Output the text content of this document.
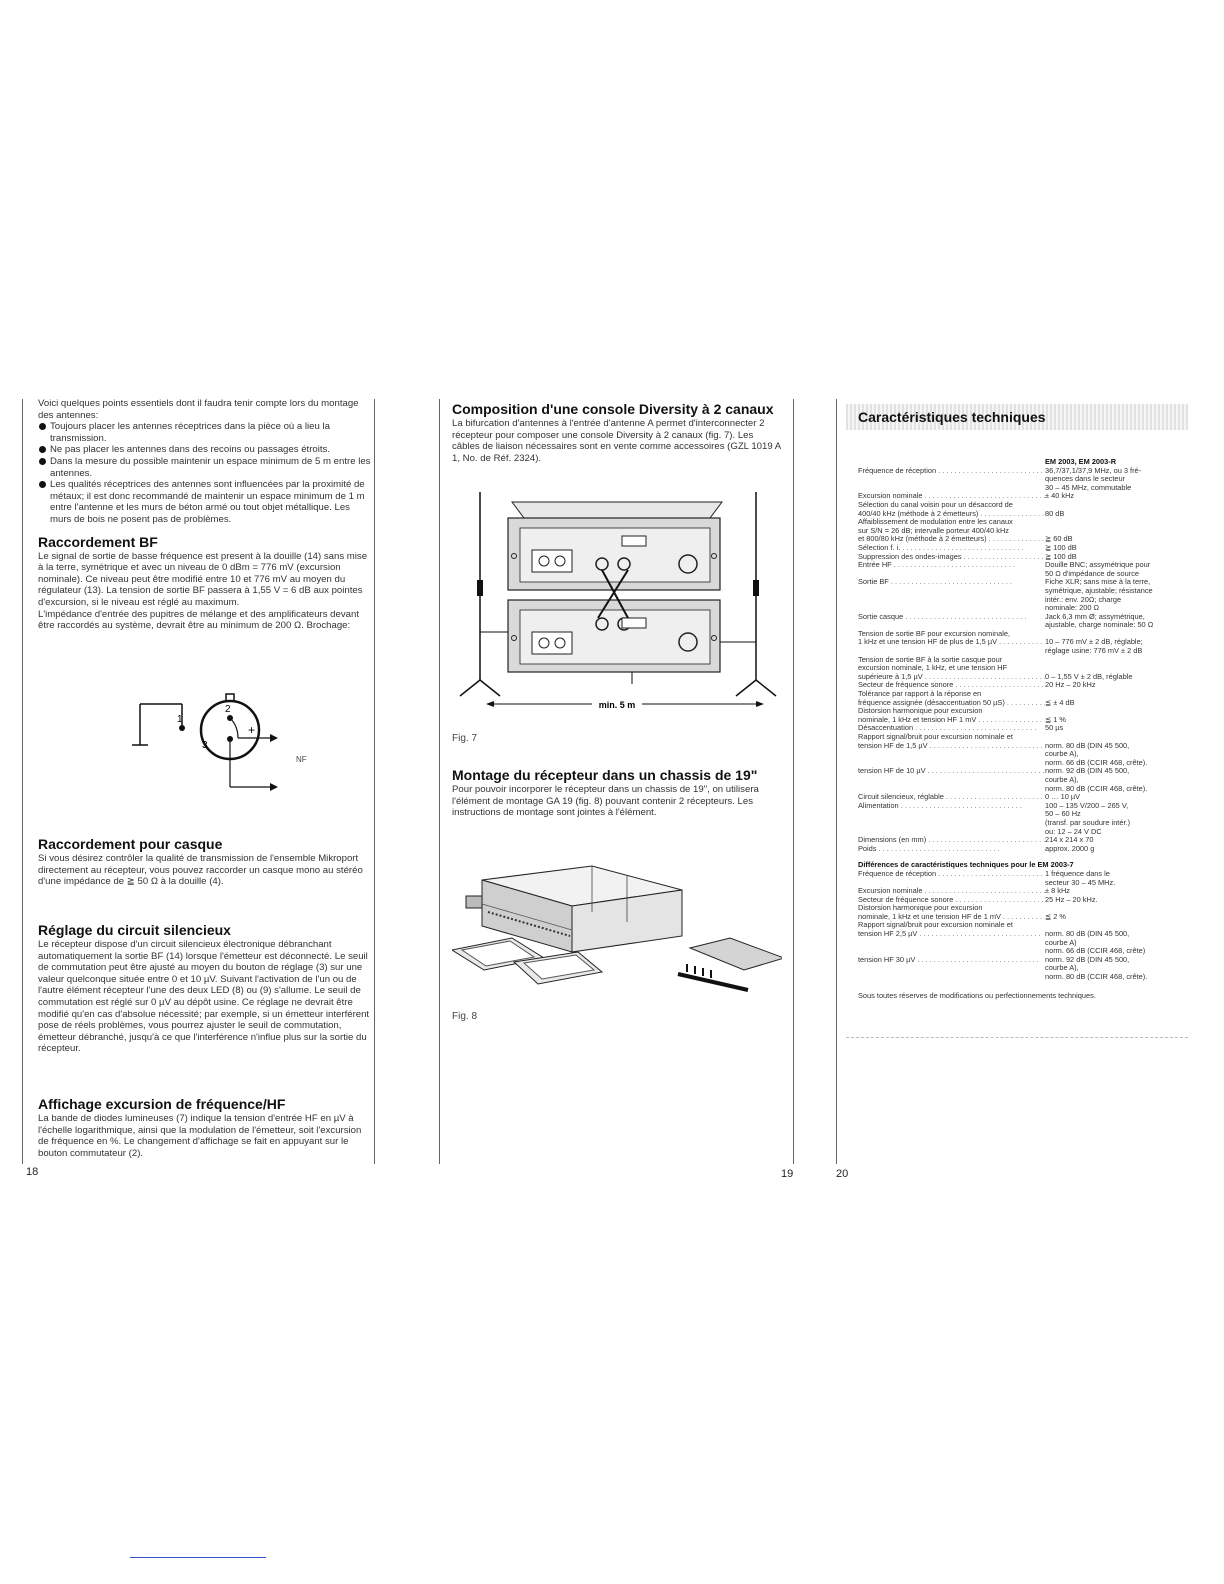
Voici quelques points essentiels dont il faudra tenir compte lors du montage des antennes:

Toujours placer les antennes réceptrices dans la pièce où a lieu la transmission.

Ne pas placer les antennes dans des recoins ou passages étroits.

Dans la mesure du possible maintenir un espace minimum de 5 m entre les antennes.

Les qualités réceptrices des antennes sont influencées par la proximité de métaux; il est donc recommandé de maintenir un espace minimum de 1 m entre l'antenne et les murs de béton armé ou tout objet métallique. Les murs de bois ne posent pas de problèmes.

Raccordement BF

Le signal de sortie de basse fréquence est present à la douille (14) sans mise à la terre, symétrique et avec un niveau de 0 dBm = 776 mV (excursion nominale). Ce niveau peut être modifié entre 10 et 776 mV au moyen du régulateur (13). La tension de sortie BF passera à 1,55 V = 6 dB aux pointes d'excursion, si le niveau est réglé au maximum.

L'impédance d'entrée des pupitres de mélange et des amplificateurs devant être raccordés au système, devrait être au minimum de 200 Ω. Brochage:

1
2
3
+
NF
Raccordement pour casque

Si vous désirez contrôler la qualité de transmission de l'ensemble Mikroport directement au récepteur, vous pouvez raccorder un casque mono au stéréo d'une impédance de ≧ 50 Ω à la douille (4).

Réglage du circuit silencieux

Le récepteur dispose d'un circuit silencieux électronique débranchant automatiquement la sortie BF (14) lorsque l'émetteur est déconnecté. Le seuil de commutation peut être ajusté au moyen du bouton de réglage (3) sur une valeur quelconque située entre 0 et 10 µV. Suivant l'activation de l'un ou de l'autre élément récepteur l'une des deux LED (8) ou (9) s'allume. Le seuil de commutation est réglé sur 0 µV au dépôt usine. Ce réglage ne devrait être modifié qu'en cas d'absolue nécessité; par exemple, si un émetteur interférent pose de réels problèmes, vous pourrez ajuster le seuil de commutation, émetteur débranché, jusqu'à ce que l'interférence n'influe plus sur la sortie du récepteur.

Affichage excursion de fréquence/HF

La bande de diodes lumineuses (7) indique la tension d'entrée HF en µV à l'échelle logarithmique, ainsi que la modulation de l'émetteur, soit l'excursion de fréquence en %. Le changement d'affichage se fait en appuyant sur le bouton commutateur (2).

18
Composition d'une console Diversity à 2 canaux

La bifurcation d'antennes à l'entrée d'antenne A permet d'interconnecter 2 récepteur pour composer une console Diversity à 2 canaux (fig. 7). Les câbles de liaison nécessaires sont en vente comme accessoires (GZL 1019 A 1, No. de Réf. 2324).

min. 5 m
Fig. 7
Montage du récepteur dans un chassis de 19"

Pour pouvoir incorporer le récepteur dans un chassis de 19", on utilisera l'élément de montage GA 19 (fig. 8) pouvant contenir 2 récepteurs. Les instructions de montage sont jointes à l'élément.

Fig. 8
19
Caractéristiques techniques
EM 2003, EM 2003-R
Fréquence de réception . . .	36,7/37,1/37,9 MHz, ou 3 fré-
quences dans le secteur
30 – 45 MHz, commutable
Excursion nominale . . .	± 40 kHz
Sélection du canal voisin pour un désaccord de
400/40 kHz (méthode à 2 émetteurs) . . .	80 dB
Affaiblissement de modulation entre les canaux
sur S/N = 26 dB; intervalle porteur 400/40 kHz
et 800/80 kHz (méthode à 2 émetteurs) . . .	≧ 60 dB
Sélection f. i. . . .	≧ 100 dB
Suppression des ondes-images . . .	≧ 100 dB
Entrée HF . . .	Douille BNC; assymétrique pour
50 Ω d'impédance de source
Sortie BF . . .	Fiche XLR; sans mise à la terre,
symétrique, ajustable; résistance
intér.: env. 20Ω; charge
nominale: 200 Ω
Sortie casque . . .	Jack 6,3 mm Ø; assymétrique,
ajustable, charge nominale: 50 Ω
Tension de sortie BF pour excursion nominale,
1 kHz et une tension HF de plus de 1,5 µV . . .	10 – 776 mV ± 2 dB, réglable;
réglage usine: 776 mV ± 2 dB
Tension de sortie BF à la sortie casque pour
excursion nominale, 1 kHz, et une tension HF
supérieure à 1,5 µV . . .	0 – 1,55 V ± 2 dB, réglable
Secteur de fréquence sonore . . .	20 Hz – 20 kHz
Tolérance par rapport à la réponse en
fréquence assignée (désaccentuation 50 µS) . . .	≦ ± 4 dB
Distorsion harmonique pour excursion
nominale, 1 kHz et tension HF 1 mV . . .	≦ 1 %
Désaccentuation . . .	50 µs
Rapport signal/bruit pour excursion nominale et
tension HF de 1,5 µV . . .	norm. 80 dB (DIN 45 500,
courbe A),
norm. 66 dB (CCIR 468, crête).
tension HF de 10 µV . . .	norm. 92 dB (DIN 45 500,
courbe A),
norm. 80 dB (CCIR 468, crête).
Circuit silencieux, réglable . . .	0 … 10 µV
Alimentation . . .	100 – 135 V/200 – 265 V,
50 – 60 Hz
(transf. par soudure intér.)
ou: 12 – 24 V DC
Dimensions (en mm) . . .	214 x 214 x 70
Poids . . .	approx. 2000 g
Différences de caractéristiques techniques pour le EM 2003-7
Fréquence de réception . . .	1 fréquence dans le
secteur 30 – 45 MHz.
Excursion nominale . . .	± 8 kHz
Secteur de fréquence sonore . . .	25 Hz – 20 kHz.
Distorsion harmonique pour excursion
nominale, 1 kHz et une tension HF de 1 mV . . .	≦ 2 %
Rapport signal/bruit pour excursion nominale et
tension HF 2,5 µV . . .	norm. 80 dB (DIN 45 500,
courbe A)
norm. 66 dB (CCIR 468, crête)
tension HF 30 µV . . .	norm. 92 dB (DIN 45 500,
courbe A),
norm. 80 dB (CCIR 468, crête).
Sous toutes réserves de modifications ou perfectionnements techniques.
20
